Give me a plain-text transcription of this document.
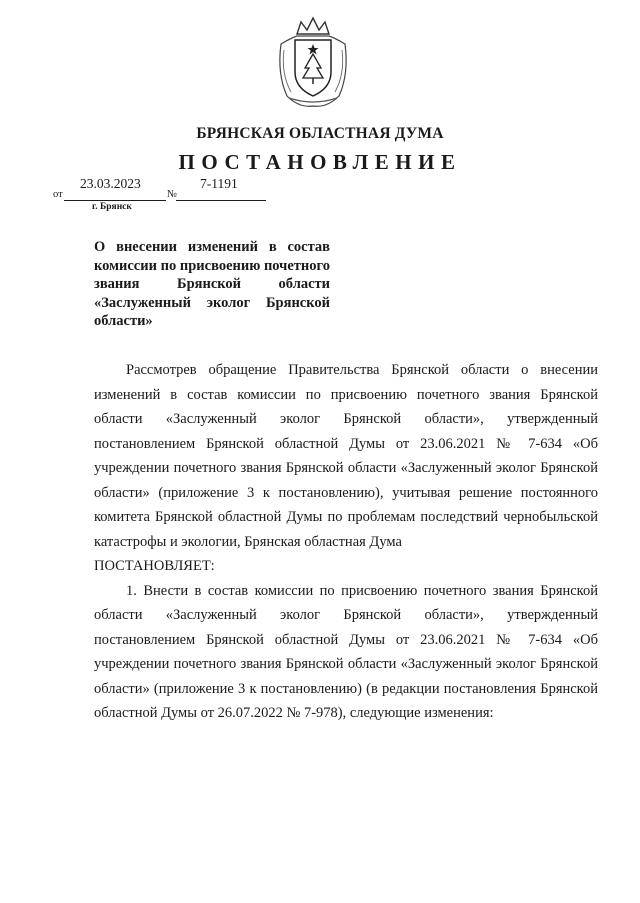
БРЯНСКАЯ ОБЛАСТНАЯ ДУМА
ПОСТАНОВЛЕНИЕ
23.03.2023	7-1191
от	№
г. Брянск
О внесении изменений в состав комиссии по присвоению почетного звания Брянской области «Заслуженный эколог Брянской области»

Рассмотрев обращение Правительства Брянской области о внесении изменений в состав комиссии по присвоению почетного звания Брянской области «Заслуженный эколог Брянской области», утвержденный постановлением Брянской областной Думы от 23.06.2021 № 7-634 «Об учреждении почетного звания Брянской области «Заслуженный эколог Брянской области» (приложение 3 к постановлению), учитывая решение постоянного комитета Брянской областной Думы по проблемам последствий чернобыльской катастрофы и экологии, Брянская областная Дума

ПОСТАНОВЛЯЕТ:

1. Внести в состав комиссии по присвоению почетного звания Брянской области «Заслуженный эколог Брянской области», утвержденный постановлением Брянской областной Думы от 23.06.2021 № 7-634 «Об учреждении почетного звания Брянской области «Заслуженный эколог Брянской области» (приложение 3 к постановлению) (в редакции постановления Брянской областной Думы от 26.07.2022 № 7-978), следующие изменения:
